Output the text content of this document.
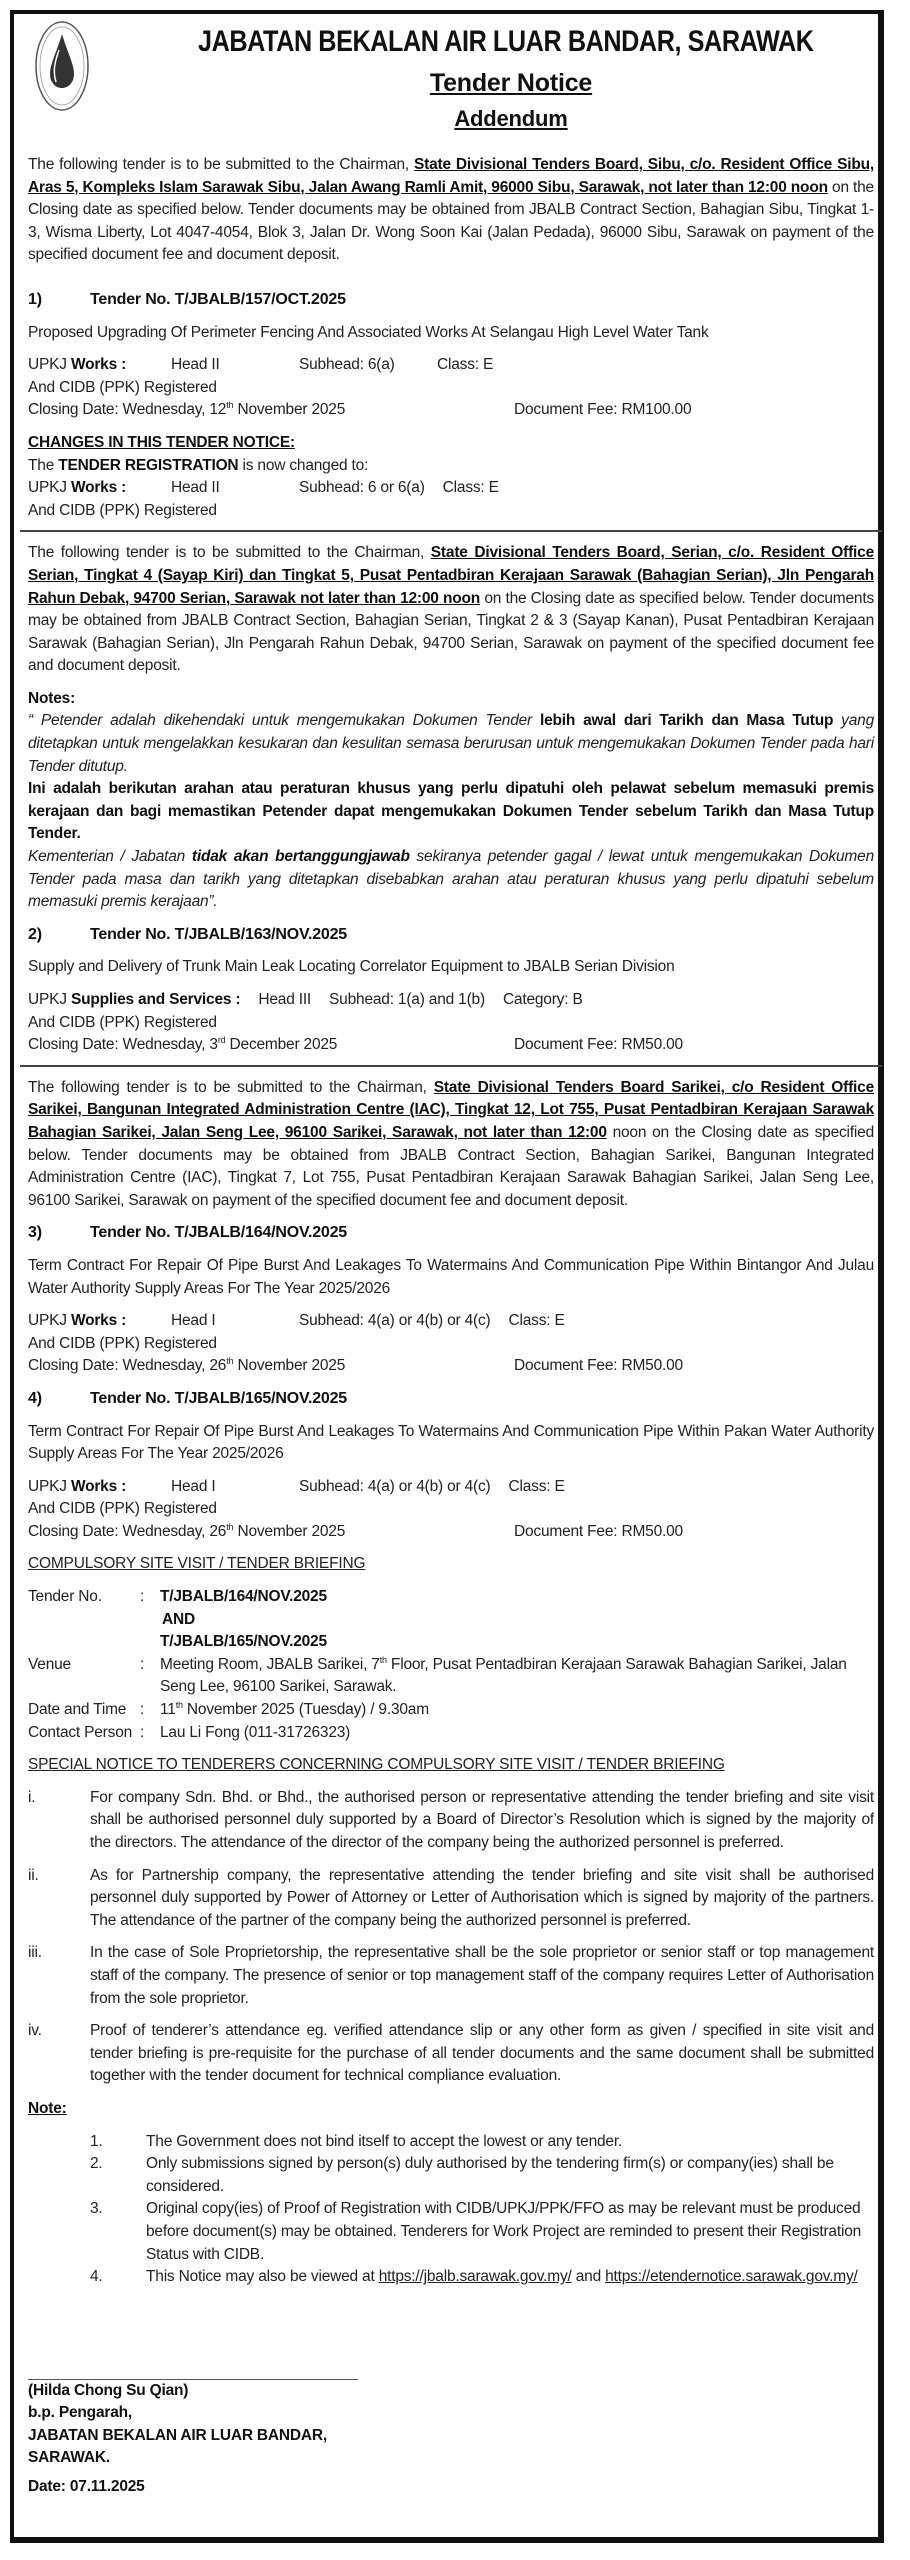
JABATAN BEKALAN AIR LUAR BANDAR, SARAWAK
Tender Notice
Addendum

The following tender is to be submitted to the Chairman, State Divisional Tenders Board, Sibu, c/o. Resident Office Sibu, Aras 5, Kompleks Islam Sarawak Sibu, Jalan Awang Ramli Amit, 96000 Sibu, Sarawak, not later than 12:00 noon on the Closing date as specified below. Tender documents may be obtained from JBALB Contract Section, Bahagian Sibu, Tingkat 1-3, Wisma Liberty, Lot 4047-4054, Blok 3, Jalan Dr. Wong Soon Kai (Jalan Pedada), 96000 Sibu, Sarawak on payment of the specified document fee and document deposit.

1)	Tender No. T/JBALB/157/OCT.2025

Proposed Upgrading Of Perimeter Fencing And Associated Works At Selangau High Level Water Tank

UPKJ Works :	Head II	Subhead: 6(a)	Class: E

And CIDB (PPK) Registered

Closing Date: Wednesday, 12th November 2025	Document Fee: RM100.00

CHANGES IN THIS TENDER NOTICE:

The TENDER REGISTRATION is now changed to:

UPKJ Works :	Head II	Subhead: 6 or 6(a) Class: E

And CIDB (PPK) Registered

The following tender is to be submitted to the Chairman, State Divisional Tenders Board, Serian, c/o. Resident Office Serian, Tingkat 4 (Sayap Kiri) dan Tingkat 5, Pusat Pentadbiran Kerajaan Sarawak (Bahagian Serian), Jln Pengarah Rahun Debak, 94700 Serian, Sarawak not later than 12:00 noon on the Closing date as specified below. Tender documents may be obtained from JBALB Contract Section, Bahagian Serian, Tingkat 2 & 3 (Sayap Kanan), Pusat Pentadbiran Kerajaan Sarawak (Bahagian Serian), Jln Pengarah Rahun Debak, 94700 Serian, Sarawak on payment of the specified document fee and document deposit.

Notes:

“ Petender adalah dikehendaki untuk mengemukakan Dokumen Tender lebih awal dari Tarikh dan Masa Tutup yang ditetapkan untuk mengelakkan kesukaran dan kesulitan semasa berurusan untuk mengemukakan Dokumen Tender pada hari Tender ditutup.

Ini adalah berikutan arahan atau peraturan khusus yang perlu dipatuhi oleh pelawat sebelum memasuki premis kerajaan dan bagi memastikan Petender dapat mengemukakan Dokumen Tender sebelum Tarikh dan Masa Tutup Tender.

Kementerian / Jabatan tidak akan bertanggungjawab sekiranya petender gagal / lewat untuk mengemukakan Dokumen Tender pada masa dan tarikh yang ditetapkan disebabkan arahan atau peraturan khusus yang perlu dipatuhi sebelum memasuki premis kerajaan”.

2)	Tender No. T/JBALB/163/NOV.2025

Supply and Delivery of Trunk Main Leak Locating Correlator Equipment to JBALB Serian Division

UPKJ Supplies and Services : Head III Subhead: 1(a) and 1(b) Category: B

And CIDB (PPK) Registered

Closing Date: Wednesday, 3rd December 2025	Document Fee: RM50.00

The following tender is to be submitted to the Chairman, State Divisional Tenders Board Sarikei, c/o Resident Office Sarikei, Bangunan Integrated Administration Centre (IAC), Tingkat 12, Lot 755, Pusat Pentadbiran Kerajaan Sarawak Bahagian Sarikei, Jalan Seng Lee, 96100 Sarikei, Sarawak, not later than 12:00 noon on the Closing date as specified below. Tender documents may be obtained from JBALB Contract Section, Bahagian Sarikei, Bangunan Integrated Administration Centre (IAC), Tingkat 7, Lot 755, Pusat Pentadbiran Kerajaan Sarawak Bahagian Sarikei, Jalan Seng Lee, 96100 Sarikei, Sarawak on payment of the specified document fee and document deposit.

3)	Tender No. T/JBALB/164/NOV.2025

Term Contract For Repair Of Pipe Burst And Leakages To Watermains And Communication Pipe Within Bintangor And Julau Water Authority Supply Areas For The Year 2025/2026

UPKJ Works :	Head I	Subhead: 4(a) or 4(b) or 4(c) Class: E

And CIDB (PPK) Registered

Closing Date: Wednesday, 26th November 2025	Document Fee: RM50.00
4)	Tender No. T/JBALB/165/NOV.2025

Term Contract For Repair Of Pipe Burst And Leakages To Watermains And Communication Pipe Within Pakan Water Authority Supply Areas For The Year 2025/2026

UPKJ Works :	Head I	Subhead: 4(a) or 4(b) or 4(c) Class: E

And CIDB (PPK) Registered

Closing Date: Wednesday, 26th November 2025	Document Fee: RM50.00

COMPULSORY SITE VISIT / TENDER BRIEFING

Tender No.	:	T/JBALB/164/NOV.2025
AND
T/JBALB/165/NOV.2025
Venue	:	Meeting Room, JBALB Sarikei, 7th Floor, Pusat Pentadbiran Kerajaan Sarawak Bahagian Sarikei, Jalan Seng Lee, 96100 Sarikei, Sarawak.
Date and Time :	11th November 2025 (Tuesday) / 9.30am
Contact Person :	Lau Li Fong (011-31726323)

SPECIAL NOTICE TO TENDERERS CONCERNING COMPULSORY SITE VISIT / TENDER BRIEFING

i.	For company Sdn. Bhd. or Bhd., the authorised person or representative attending the tender briefing and site visit shall be authorised personnel duly supported by a Board of Director’s Resolution which is signed by the majority of the directors. The attendance of the director of the company being the authorized personnel is preferred.
ii.	As for Partnership company, the representative attending the tender briefing and site visit shall be authorised personnel duly supported by Power of Attorney or Letter of Authorisation which is signed by majority of the partners. The attendance of the partner of the company being the authorized personnel is preferred.
iii.	In the case of Sole Proprietorship, the representative shall be the sole proprietor or senior staff or top management staff of the company. The presence of senior or top management staff of the company requires Letter of Authorisation from the sole proprietor.
iv.	Proof of tenderer’s attendance eg. verified attendance slip or any other form as given / specified in site visit and tender briefing is pre-requisite for the purchase of all tender documents and the same document shall be submitted together with the tender document for technical compliance evaluation.

Note:

1.	The Government does not bind itself to accept the lowest or any tender.

2.	Only submissions signed by person(s) duly authorised by the tendering firm(s) or company(ies) shall be considered.

3.	Original copy(ies) of Proof of Registration with CIDB/UPKJ/PPK/FFO as may be relevant must be produced before document(s) may be obtained. Tenderers for Work Project are reminded to present their Registration Status with CIDB.

4.	This Notice may also be viewed at https://jbalb.sarawak.gov.my/ and https://etendernotice.sarawak.gov.my/

(Hilda Chong Su Qian)

b.p. Pengarah,

JABATAN BEKALAN AIR LUAR BANDAR,

SARAWAK.

Date: 07.11.2025
